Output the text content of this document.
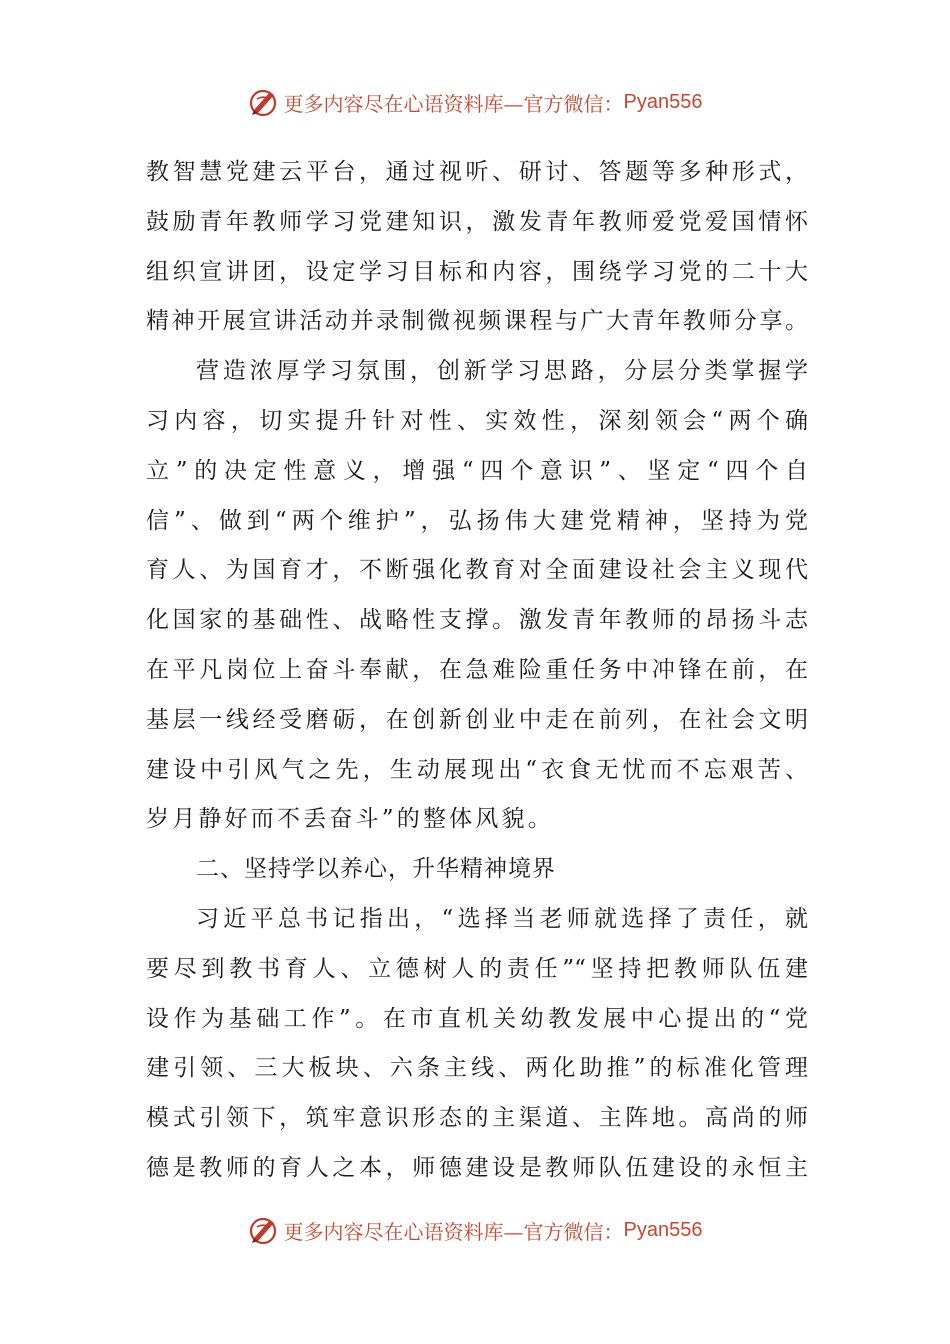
更多内容尽在心语资料库—官方微信： Pyan556
教智慧党建云平台，通过视听、研讨、答题等多种形式，
鼓励青年教师学习党建知识，激发青年教师爱党爱国情怀
组织宣讲团，设定学习目标和内容，围绕学习党的二十大
精神开展宣讲活动并录制微视频课程与广大青年教师分享。
营造浓厚学习氛围，创新学习思路，分层分类掌握学
习内容，切实提升针对性、实效性，深刻领会“两个确
立”的决定性意义，增强“四个意识”、坚定“四个自
信”、做到“两个维护”，弘扬伟大建党精神，坚持为党
育人、为国育才，不断强化教育对全面建设社会主义现代
化国家的基础性、战略性支撑。激发青年教师的昂扬斗志
在平凡岗位上奋斗奉献，在急难险重任务中冲锋在前，在
基层一线经受磨砺，在创新创业中走在前列，在社会文明
建设中引风气之先，生动展现出“衣食无忧而不忘艰苦、
岁月静好而不丢奋斗”的整体风貌。
二、坚持学以养心，升华精神境界
习近平总书记指出，“选择当老师就选择了责任，就
要尽到教书育人、立德树人的责任”“坚持把教师队伍建
设作为基础工作”。在市直机关幼教发展中心提出的“党
建引领、三大板块、六条主线、两化助推”的标准化管理
模式引领下，筑牢意识形态的主渠道、主阵地。高尚的师
德是教师的育人之本，师德建设是教师队伍建设的永恒主
更多内容尽在心语资料库—官方微信： Pyan556
